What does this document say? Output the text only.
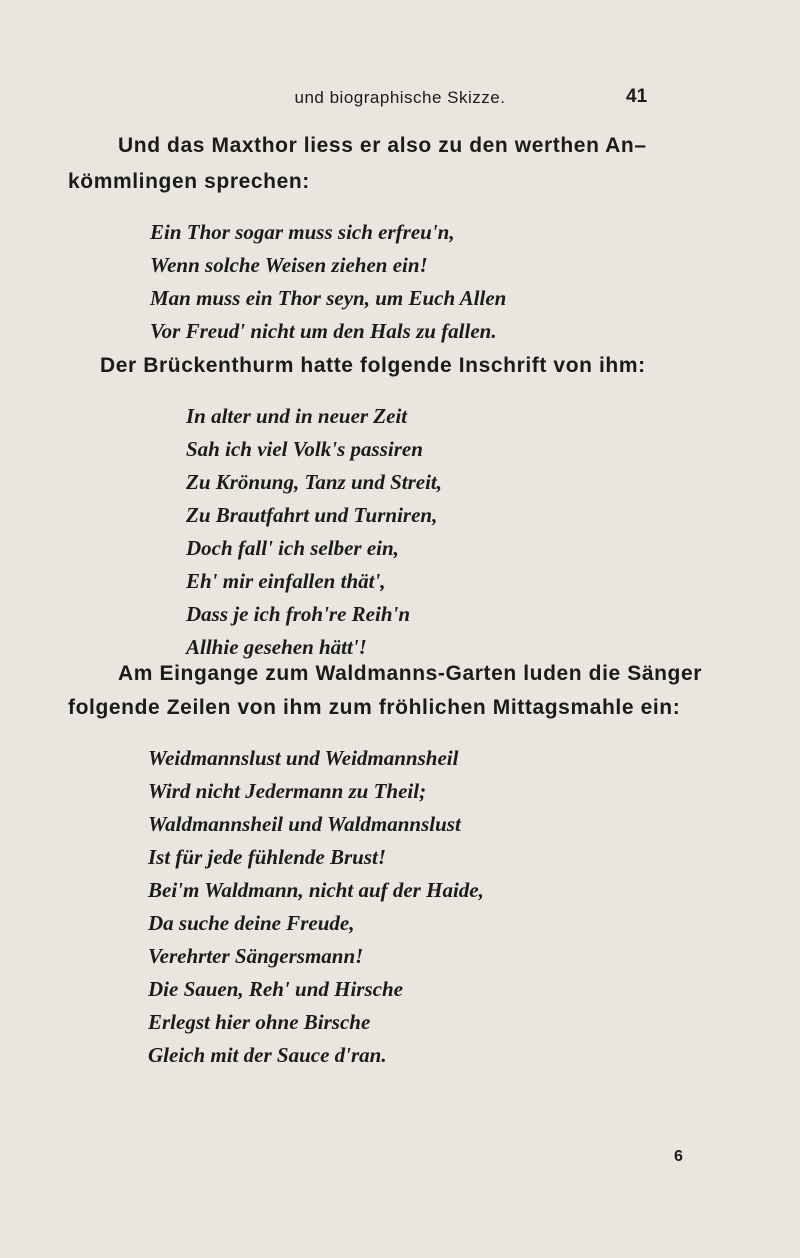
und biographische Skizze.	41

Und das Maxthor liess er also zu den werthen An–

kömmlingen sprechen:

Ein Thor sogar muss sich erfreu'n,
Wenn solche Weisen ziehen ein!
Man muss ein Thor seyn, um Euch Allen
Vor Freud' nicht um den Hals zu fallen.

Der Brückenthurm hatte folgende Inschrift von ihm:

In alter und in neuer Zeit
Sah ich viel Volk's passiren
Zu Krönung, Tanz und Streit,
Zu Brautfahrt und Turniren,
Doch fall' ich selber ein,
Eh' mir einfallen thät',
Dass je ich froh're Reih'n
Allhie gesehen hätt'!

Am Eingange zum Waldmanns-Garten luden die Sänger

folgende Zeilen von ihm zum fröhlichen Mittagsmahle ein:

Weidmannslust und Weidmannsheil
Wird nicht Jedermann zu Theil;
Waldmannsheil und Waldmannslust
Ist für jede fühlende Brust!
Bei'm Waldmann, nicht auf der Haide,
Da suche deine Freude,
Verehrter Sängersmann!
Die Sauen, Reh' und Hirsche
Erlegst hier ohne Birsche
Gleich mit der Sauce d'ran.
6
